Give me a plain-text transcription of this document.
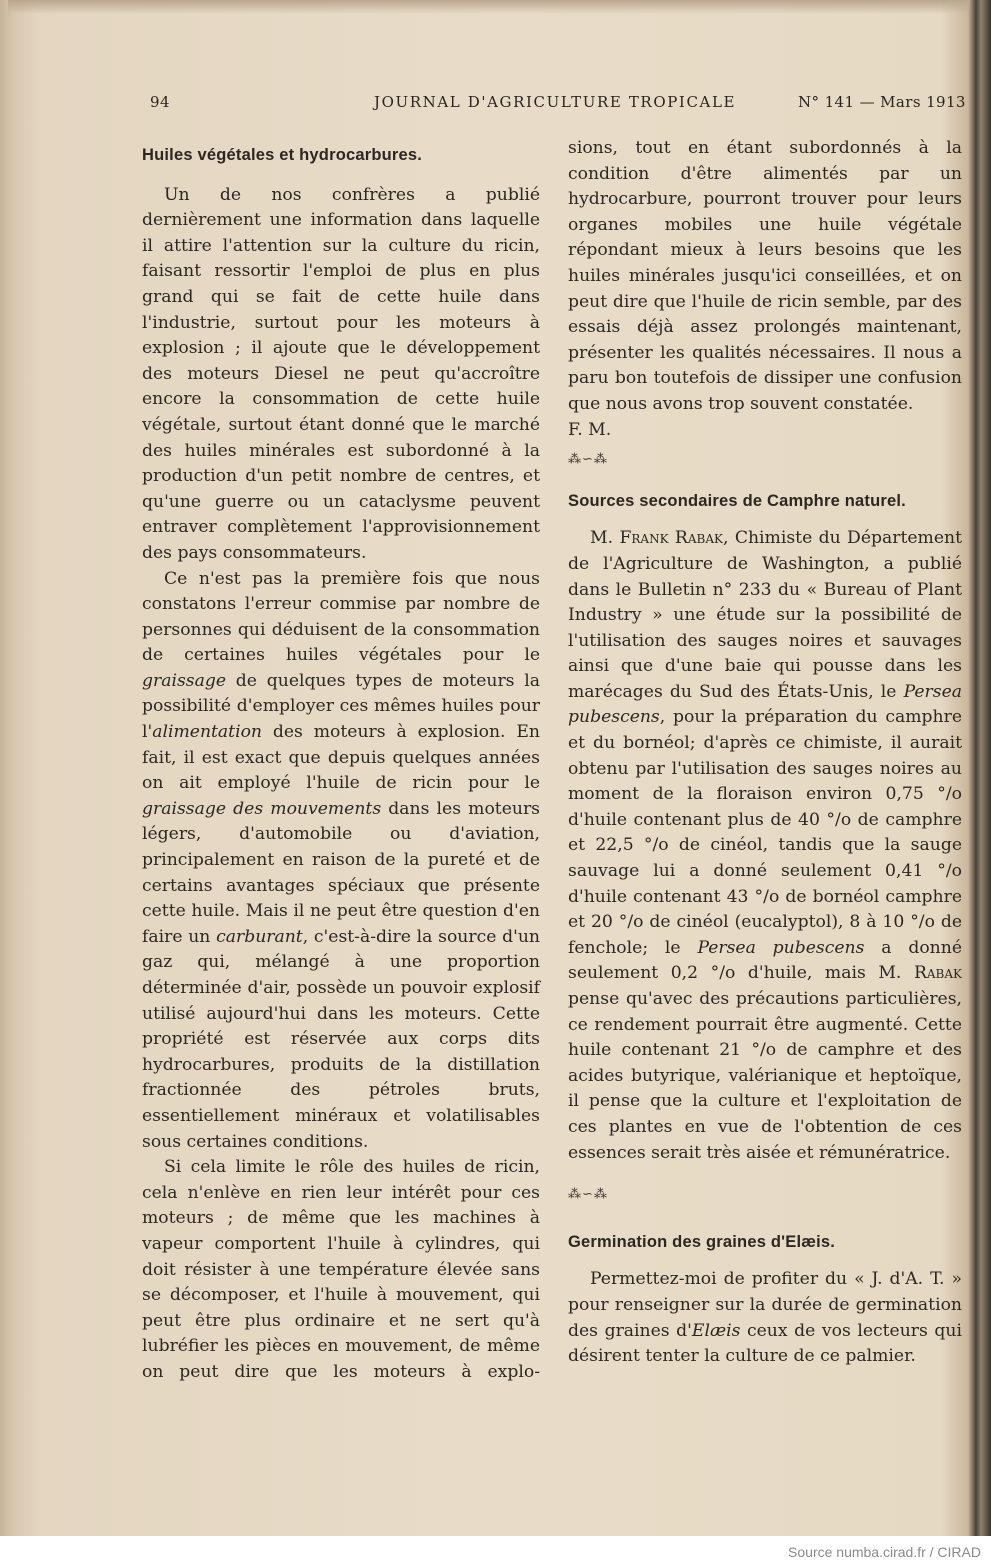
94	JOURNAL D'AGRICULTURE TROPICALE	N° 141 — Mars 1913

Huiles végétales et hydrocarbures.

Un de nos confrères a publié dernièrement une information dans laquelle il attire l'attention sur la culture du ricin, faisant ressortir l'emploi de plus en plus grand qui se fait de cette huile dans l'industrie, surtout pour les moteurs à explosion ; il ajoute que le développement des moteurs Diesel ne peut qu'accroître encore la consommation de cette huile végétale, surtout étant donné que le marché des huiles minérales est subordonné à la production d'un petit nombre de centres, et qu'une guerre ou un cataclysme peuvent entraver complètement l'approvisionnement des pays consommateurs.

Ce n'est pas la première fois que nous constatons l'erreur commise par nombre de personnes qui déduisent de la consommation de certaines huiles végétales pour le graissage de quelques types de moteurs la possibilité d'employer ces mêmes huiles pour l'alimentation des moteurs à explosion. En fait, il est exact que depuis quelques années on ait employé l'huile de ricin pour le graissage des mouvements dans les moteurs légers, d'automobile ou d'aviation, principalement en raison de la pureté et de certains avantages spéciaux que présente cette huile. Mais il ne peut être question d'en faire un carburant, c'est-à-dire la source d'un gaz qui, mélangé à une proportion déterminée d'air, possède un pouvoir explosif utilisé aujourd'hui dans les moteurs. Cette propriété est réservée aux corps dits hydrocarbures, produits de la distillation fractionnée des pétroles bruts, essentiellement minéraux et volatilisables sous certaines conditions.

Si cela limite le rôle des huiles de ricin, cela n'enlève en rien leur intérêt pour ces moteurs ; de même que les machines à vapeur comportent l'huile à cylindres, qui doit résister à une température élevée sans se décomposer, et l'huile à mouvement, qui peut être plus ordinaire et ne sert qu'à lubréfier les pièces en mouvement, de même on peut dire que les moteurs à explo-

sions, tout en étant subordonnés à la condition d'être alimentés par un hydrocarbure, pourront trouver pour leurs organes mobiles une huile végétale répondant mieux à leurs besoins que les huiles minérales jusqu'ici conseillées, et on peut dire que l'huile de ricin semble, par des essais déjà assez prolongés maintenant, présenter les qualités nécessaires. Il nous a paru bon toutefois de dissiper une confusion que nous avons trop souvent constatée.

F. M.

⁂∽⁂

Sources secondaires de Camphre naturel.

M. Frank Rabak, Chimiste du Département de l'Agriculture de Washington, a publié dans le Bulletin n° 233 du « Bureau of Plant Industry » une étude sur la possibilité de l'utilisation des sauges noires et sauvages ainsi que d'une baie qui pousse dans les marécages du Sud des États-Unis, le Persea pubescens, pour la préparation du camphre et du bornéol; d'après ce chimiste, il aurait obtenu par l'utilisation des sauges noires au moment de la floraison environ 0,75 °/o d'huile contenant plus de 40 °/o de camphre et 22,5 °/o de cinéol, tandis que la sauge sauvage lui a donné seulement 0,41 °/o d'huile contenant 43 °/o de bornéol camphre et 20 °/o de cinéol (eucalyptol), 8 à 10 °/o de fenchole; le Persea pubescens a donné seulement 0,2 °/o d'huile, mais M. Rabak pense qu'avec des précautions particulières, ce rendement pourrait être augmenté. Cette huile contenant 21 °/o de camphre et des acides butyrique, valérianique et heptoïque, il pense que la culture et l'exploitation de ces plantes en vue de l'obtention de ces essences serait très aisée et rémunératrice.

⁂∽⁂

Germination des graines d'Elæis.

Permettez-moi de profiter du « J. d'A. T. » pour renseigner sur la durée de germination des graines d'Elæis ceux de vos lecteurs qui désirent tenter la culture de ce palmier.

Source numba.cirad.fr / CIRAD
